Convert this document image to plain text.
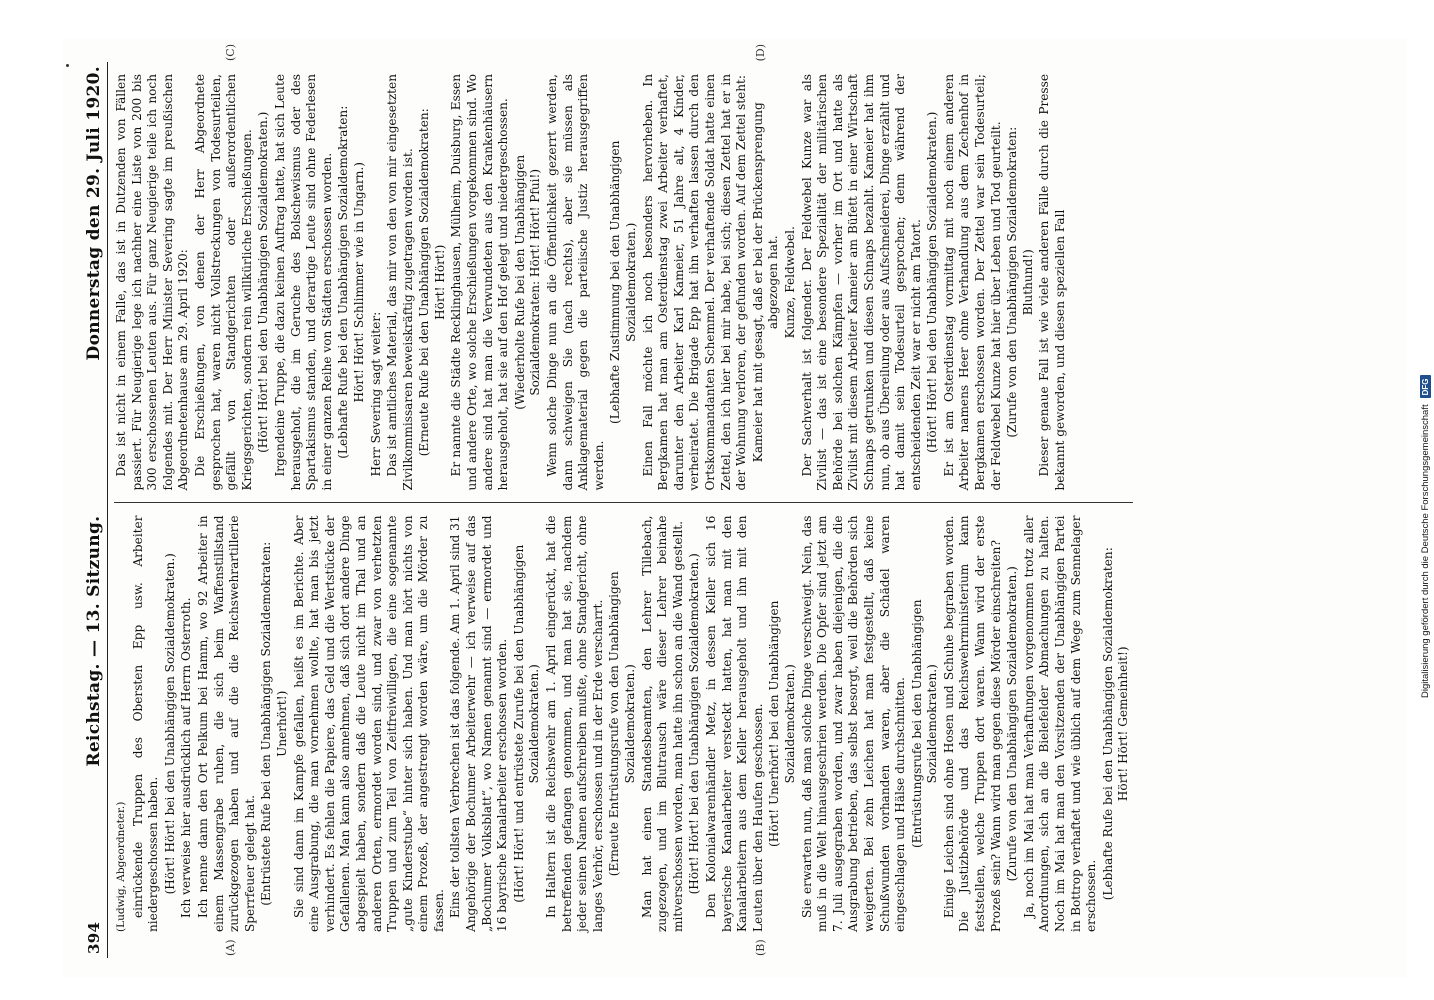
394
Reichstag. — 13. Sitzung.
Donnerstag den 29. Juli 1920.
(A)	(B)
(C)	(D)

(Ludwig, Abgeordneter.) einrückende Truppen des Obersten Epp usw. Arbeiter niedergeschossen haben. (Hört! Hört! bei den Unabhängigen Sozialdemokraten.) Ich verweise hier ausdrücklich auf Herrn Osterroth. Ich nenne dann den Ort Pelkum bei Hamm, wo 92 Arbeiter in einem Massengrabe ruhen, die sich beim Waffenstillstand zurückgezogen haben und auf die die Reichswehrartillerie Sperrfeuer gelegt hat. (Entrüstete Rufe bei den Unabhängigen Sozialdemokraten: Unerhört!) Sie sind dann im Kampfe gefallen, heißt es im Berichte. Aber eine Ausgrabung, die man vornehmen wollte, hat man bis jetzt verhindert. Es fehlen die Papiere, das Geld und die Wertstücke der Gefallenen. Man kann also annehmen, daß sich dort andere Dinge abgespielt haben, sondern daß die Leute nicht im Thal und an anderen Orten, ermordet worden sind, und zwar von verhetzten Truppen und zum Teil von Zeitfreiwilligen, die eine sogenannte „gute Kinderstube“ hinter sich haben. Und man hört nichts von einem Prozeß, der angestrengt worden wäre, um die Mörder zu fassen. Eins der tollsten Verbrechen ist das folgende. Am 1. April sind 31 Angehörige der Bochumer Arbeiterwehr — ich verweise auf das „Bochumer Volksblatt“, wo Namen genannt sind — ermordet und 16 bayrische Kanalarbeiter erschossen worden. (Hört! Hört! und entrüstete Zurufe bei den Unabhängigen Sozialdemokraten.) In Haltern ist die Reichswehr am 1. April eingerückt, hat die betreffenden gefangen genommen, und man hat sie, nachdem jeder seinen Namen aufschreiben mußte, ohne Standgericht, ohne langes Verhör, erschossen und in der Erde verscharrt. (Erneute Entrüstungsrufe von den Unabhängigen Sozialdemokraten.) Man hat einen Standesbeamten, den Lehrer Tillebach, zugezogen, und im Blutrausch wäre dieser Lehrer beinahe mitverschossen worden, man hatte ihn schon an die Wand gestellt. (Hört! Hört! bei den Unabhängigen Sozialdemokraten.) Den Kolonialwarenhändler Metz, in dessen Keller sich 16 bayerische Kanalarbeiter versteckt hatten, hat man mit den Kanalarbeitern aus dem Keller herausgeholt und ihn mit den Leuten über den Haufen geschossen. (Hört! Unerhört! bei den Unabhängigen Sozialdemokraten.) Sie erwarten nun, daß man solche Dinge verschweigt. Nein, das muß in die Welt hinausgeschrien werden. Die Opfer sind jetzt am 7. Juli ausgegraben worden, und zwar haben diejenigen, die die Ausgrabung betrieben, das selbst besorgt, weil die Behörden sich weigerten. Bei zehn Leichen hat man festgestellt, daß keine Schußwunden vorhanden waren, aber die Schädel waren eingeschlagen und Hälse durchschnitten. (Entrüstungsrufe bei den Unabhängigen Sozialdemokraten.) Einige Leichen sind ohne Hosen und Schuhe begraben worden. Die Justizbehörde und das Reichswehrministerium kann feststellen, welche Truppen dort waren. Wann wird der erste Prozeß sein? Wann wird man gegen diese Mörder einschreiten? (Zurufe von den Unabhängigen Sozialdemokraten.) Ja, noch im Mai hat man Verhaftungen vorgenommen trotz aller Anordnungen, sich an die Bielefelder Abmachungen zu halten. Noch im Mai hat man den Vorsitzenden der Unabhängigen Partei in Bottrop verhaftet und wie üblich auf dem Wege zum Sennelager erschossen. (Lebhafte Rufe bei den Unabhängigen Sozialdemokraten: Hört! Hört! Gemeinheit!)

Das ist nicht in einem Falle, das ist in Dutzenden von Fällen passiert. Für Neugierige lege ich nachher eine Liste von 200 bis 300 erschossenen Leuten aus. Für ganz Neugierige teile ich noch folgendes mit. Der Herr Minister Severing sagte im preußischen Abgeordnetenhause am 29. April 1920: Die Erschießungen, von denen der Herr Abgeordnete gesprochen hat, waren nicht Vollstreckungen von Todesurteilen, gefällt von Standgerichten oder außerordentlichen Kriegsgerichten, sondern rein willkürliche Erschießungen. (Hört! Hört! bei den Unabhängigen Sozialdemokraten.) Irgendeine Truppe, die dazu keinen Auftrag hatte, hat sich Leute herausgeholt, die im Geruche des Bolschewismus oder des Spartakismus standen, und derartige Leute sind ohne Federlesen in einer ganzen Reihe von Städten erschossen worden. (Lebhafte Rufe bei den Unabhängigen Sozialdemokraten: Hört! Hört! Schlimmer wie in Ungarn.) Herr Severing sagt weiter: Das ist amtliches Material, das mir von den von mir eingesetzten Zivilkommissaren beweiskräftig zugetragen worden ist. (Erneute Rufe bei den Unabhängigen Sozialdemokraten: Hört! Hört!) Er nannte die Städte Recklinghausen, Mülheim, Duisburg, Essen und andere Orte, wo solche Erschießungen vorgekommen sind. Wo andere sind hat man die Verwundeten aus den Krankenhäusern herausgeholt, hat sie auf den Hof gelegt und niedergeschossen. (Wiederholte Rufe bei den Unabhängigen Sozialdemokraten: Hört! Hört! Pfui!) Wenn solche Dinge nun an die Öffentlichkeit gezerrt werden, dann schweigen Sie (nach rechts), aber sie müssen als Anklagematerial gegen die parteiische Justiz herausgegriffen werden.

(Lebhafte Zustimmung bei den Unabhängigen Sozialdemokraten.) Einen Fall möchte ich noch besonders hervorheben. In Bergkamen hat man am Osterdienstag zwei Arbeiter verhaftet, darunter den Arbeiter Karl Kameier, 51 Jahre alt, 4 Kinder, verheiratet. Die Brigade Epp hat ihn verhaften lassen durch den Ortskommandanten Schemmel. Der verhaftende Soldat hatte einen Zettel, den ich hier bei mir habe, bei sich; diesen Zettel hat er in der Wohnung verloren, der gefunden worden. Auf dem Zettel steht: Kameier hat mit gesagt, daß er bei der Brückensprengung abgezogen hat. Kunze, Feldwebel. Der Sachverhalt ist folgender. Der Feldwebel Kunze war als Zivilist — das ist eine besondere Spezialität der militärischen Behörde bei solchen Kämpfen — vorher im Ort und hatte als Zivilist mit diesem Arbeiter Kameier am Büfett in einer Wirtschaft Schnaps getrunken und diesen Schnaps bezahlt. Kameier hat ihm nun, ob aus Übereilung oder aus Aufschneiderei, Dinge erzählt und hat damit sein Todesurteil gesprochen; denn während der entscheidenden Zeit war er nicht am Tatort. (Hört! Hört! bei den Unabhängigen Sozialdemokraten.) Er ist am Osterdienstag vormittag mit noch einem anderen Arbeiter namens Heer ohne Verhandlung aus dem Zechenhof in Bergkamen erschossen worden. Der Zettel war sein Todesurteil; der Feldwebel Kunze hat hier über Leben und Tod geurteilt. (Zurufe von den Unabhängigen Sozialdemokraten: Bluthund!) Dieser genaue Fall ist wie viele anderen Fälle durch die Presse bekannt geworden, und diesen speziellen Fall

Digitalisierung gefördert durch die Deutsche Forschungsgemeinschaft
DFG
